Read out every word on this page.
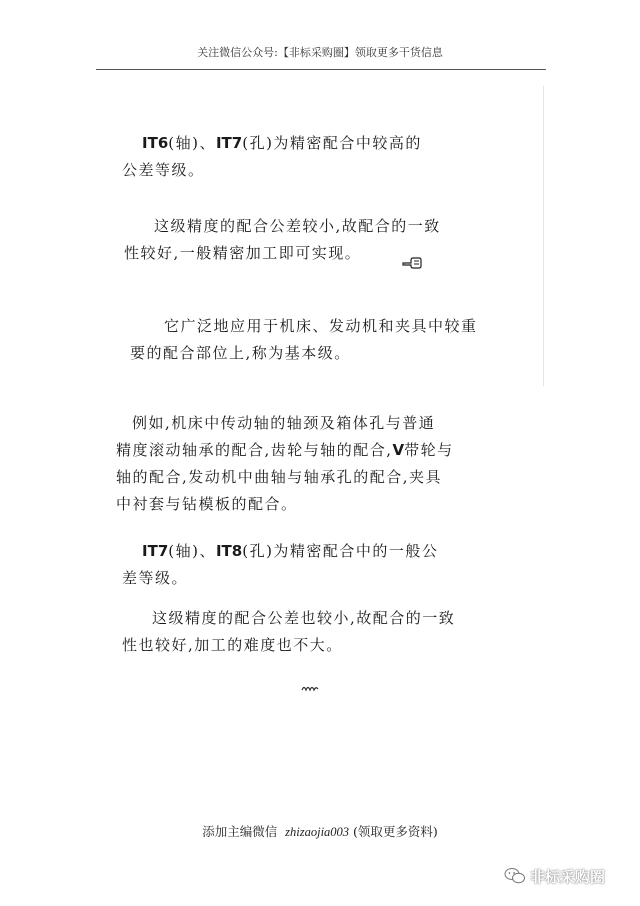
关注微信公众号:【非标采购圈】领取更多干货信息
IT6(轴)、IT7(孔)为精密配合中较高的
公差等级。
这级精度的配合公差较小,故配合的一致
性较好,一般精密加工即可实现。
它广泛地应用于机床、发动机和夹具中较重
要的配合部位上,称为基本级。
例如,机床中传动轴的轴颈及箱体孔与普通
精度滚动轴承的配合,齿轮与轴的配合,V带轮与
轴的配合,发动机中曲轴与轴承孔的配合,夹具
中衬套与钻模板的配合。
IT7(轴)、IT8(孔)为精密配合中的一般公
差等级。
这级精度的配合公差也较小,故配合的一致
性也较好,加工的难度也不大。
添加主编微信 zhizaojia003 (领取更多资料)
非标采购圈
